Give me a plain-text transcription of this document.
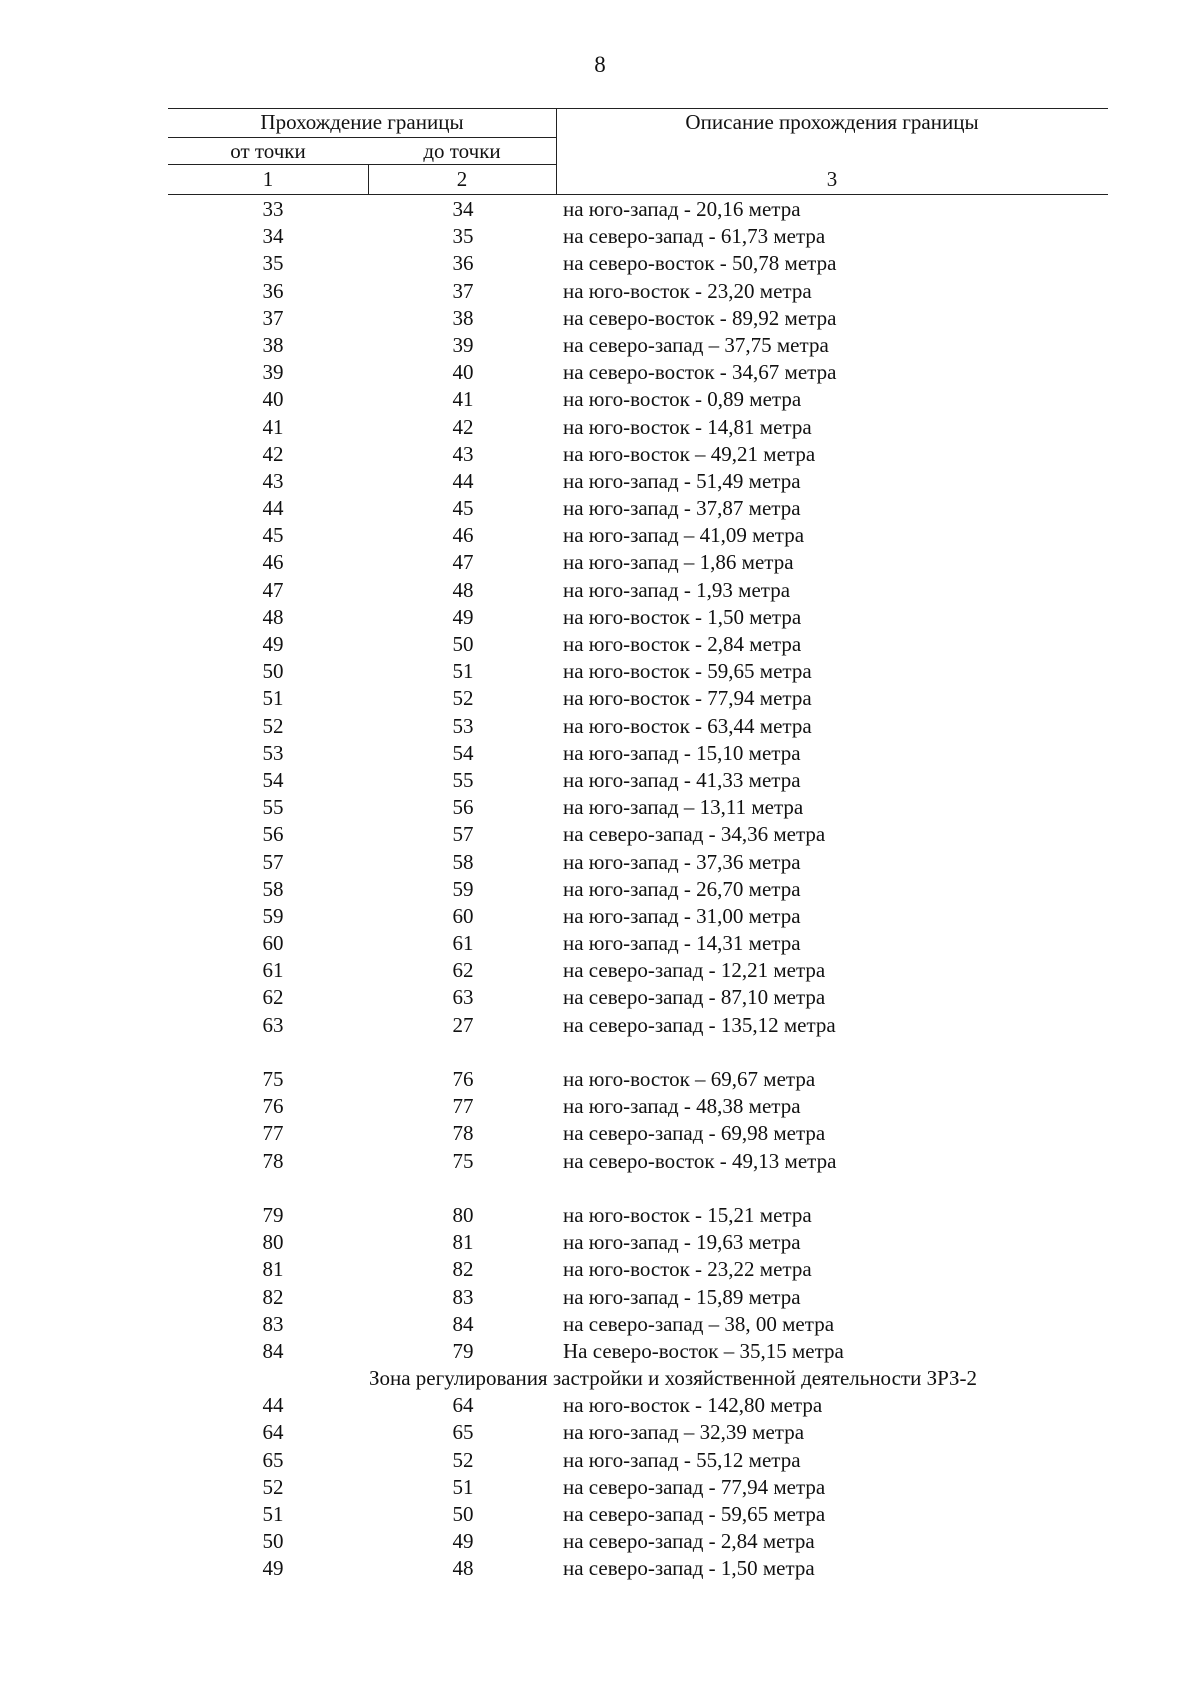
8
Прохождение границы	Описание прохождения границы
от точки	до точки
1	2	3
33	34	на юго-запад - 20,16 метра
34	35	на северо-запад - 61,73 метра
35	36	на северо-восток - 50,78 метра
36	37	на юго-восток - 23,20 метра
37	38	на северо-восток - 89,92 метра
38	39	на северо-запад – 37,75 метра
39	40	на северо-восток - 34,67 метра
40	41	на юго-восток - 0,89 метра
41	42	на юго-восток - 14,81 метра
42	43	на юго-восток – 49,21 метра
43	44	на юго-запад - 51,49 метра
44	45	на юго-запад - 37,87 метра
45	46	на юго-запад – 41,09 метра
46	47	на юго-запад – 1,86 метра
47	48	на юго-запад - 1,93 метра
48	49	на юго-восток - 1,50 метра
49	50	на юго-восток - 2,84 метра
50	51	на юго-восток - 59,65 метра
51	52	на юго-восток - 77,94 метра
52	53	на юго-восток - 63,44 метра
53	54	на юго-запад - 15,10 метра
54	55	на юго-запад - 41,33 метра
55	56	на юго-запад – 13,11 метра
56	57	на северо-запад - 34,36 метра
57	58	на юго-запад - 37,36 метра
58	59	на юго-запад - 26,70 метра
59	60	на юго-запад - 31,00 метра
60	61	на юго-запад - 14,31 метра
61	62	на северо-запад - 12,21 метра
62	63	на северо-запад - 87,10 метра
63	27	на северо-запад - 135,12 метра
75	76	на юго-восток – 69,67 метра
76	77	на юго-запад - 48,38 метра
77	78	на северо-запад - 69,98 метра
78	75	на северо-восток - 49,13 метра
79	80	на юго-восток - 15,21 метра
80	81	на юго-запад - 19,63 метра
81	82	на юго-восток - 23,22 метра
82	83	на юго-запад - 15,89 метра
83	84	на северо-запад – 38, 00 метра
84	79	На северо-восток – 35,15 метра
Зона регулирования застройки и хозяйственной деятельности ЗРЗ-2
44	64	на юго-восток - 142,80 метра
64	65	на юго-запад – 32,39 метра
65	52	на юго-запад - 55,12 метра
52	51	на северо-запад - 77,94 метра
51	50	на северо-запад - 59,65 метра
50	49	на северо-запад - 2,84 метра
49	48	на северо-запад - 1,50 метра
